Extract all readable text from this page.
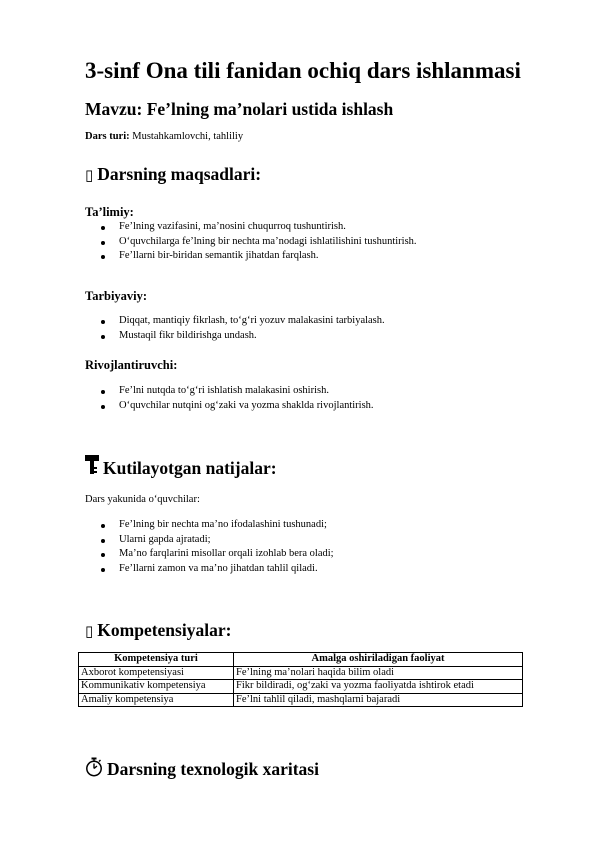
3-sinf Ona tili fanidan ochiq dars ishlanmasi
Mavzu: Fe’lning ma’nolari ustida ishlash
Dars turi: Mustahkamlovchi, tahliliy
▯ Darsning maqsadlari:
Ta’limiy:
Fe’lning vazifasini, ma’nosini chuqurroq tushuntirish.
O‘quvchilarga fe’lning bir nechta ma’nodagi ishlatilishini tushuntirish.
Fe’llarni bir-biridan semantik jihatdan farqlash.
Tarbiyaviy:
Diqqat, mantiqiy fikrlash, to‘g‘ri yozuv malakasini tarbiyalash.
Mustaqil fikr bildirishga undash.
Rivojlantiruvchi:
Fe’lni nutqda to‘g‘ri ishlatish malakasini oshirish.
O‘quvchilar nutqini og‘zaki va yozma shaklda rivojlantirish.
Kutilayotgan natijalar:
Dars yakunida o‘quvchilar:
Fe’lning bir nechta ma’no ifodalashini tushunadi;
Ularni gapda ajratadi;
Ma’no farqlarini misollar orqali izohlab bera oladi;
Fe’llarni zamon va ma’no jihatdan tahlil qiladi.
▯ Kompetensiyalar:
Kompetensiya turi	Amalga oshiriladigan faoliyat
Axborot kompetensiyasi	Fe’lning ma’nolari haqida bilim oladi
Kommunikativ kompetensiya	Fikr bildiradi, og‘zaki va yozma faoliyatda ishtirok etadi
Amaliy kompetensiya	Fe’lni tahlil qiladi, mashqlarni bajaradi
Darsning texnologik xaritasi
